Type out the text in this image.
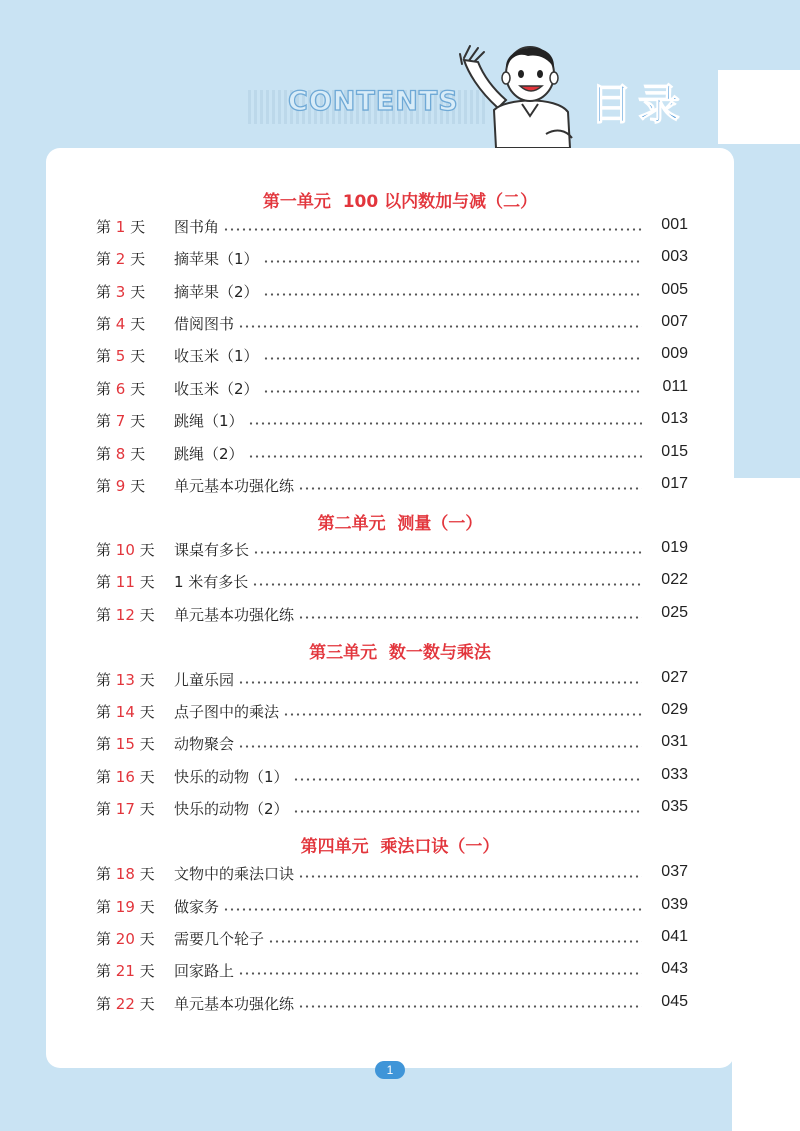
CONTENTS	目录
第一单元  100 以内数加与减（二）
第 1 天 图书角	001
第 2 天 摘苹果（1）	003
第 3 天 摘苹果（2）	005
第 4 天 借阅图书	007
第 5 天 收玉米（1）	009
第 6 天 收玉米（2）	011
第 7 天 跳绳（1）	013
第 8 天 跳绳（2）	015
第 9 天 单元基本功强化练	017
第二单元  测量（一）
第 10 天 课桌有多长	019
第 11 天 1 米有多长	022
第 12 天 单元基本功强化练	025
第三单元  数一数与乘法
第 13 天 儿童乐园	027
第 14 天 点子图中的乘法	029
第 15 天 动物聚会	031
第 16 天 快乐的动物（1）	033
第 17 天 快乐的动物（2）	035
第四单元  乘法口诀（一）
第 18 天 文物中的乘法口诀	037
第 19 天 做家务	039
第 20 天 需要几个轮子	041
第 21 天 回家路上	043
第 22 天 单元基本功强化练	045
1
